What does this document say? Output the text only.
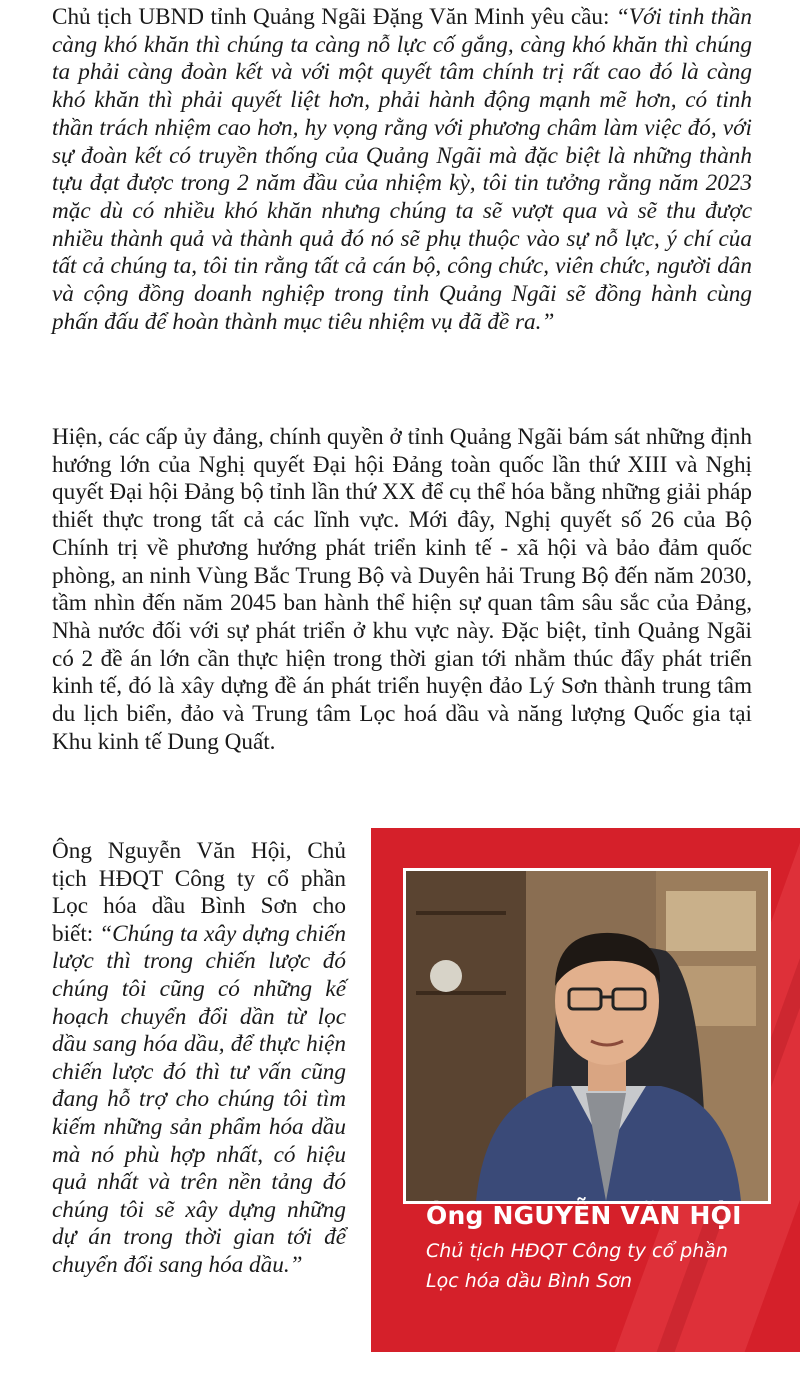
Chủ tịch UBND tỉnh Quảng Ngãi Đặng Văn Minh yêu cầu: “Với tinh thần càng khó khăn thì chúng ta càng nỗ lực cố gắng, càng khó khăn thì chúng ta phải càng đoàn kết và với một quyết tâm chính trị rất cao đó là càng khó khăn thì phải quyết liệt hơn, phải hành động mạnh mẽ hơn, có tinh thần trách nhiệm cao hơn, hy vọng rằng với phương châm làm việc đó, với sự đoàn kết có truyền thống của Quảng Ngãi mà đặc biệt là những thành tựu đạt được trong 2 năm đầu của nhiệm kỳ, tôi tin tưởng rằng năm 2023 mặc dù có nhiều khó khăn nhưng chúng ta sẽ vượt qua và sẽ thu được nhiều thành quả và thành quả đó nó sẽ phụ thuộc vào sự nỗ lực, ý chí của tất cả chúng ta, tôi tin rằng tất cả cán bộ, công chức, viên chức, người dân và cộng đồng doanh nghiệp trong tỉnh Quảng Ngãi sẽ đồng hành cùng phấn đấu để hoàn thành mục tiêu nhiệm vụ đã đề ra.”

Hiện, các cấp ủy đảng, chính quyền ở tỉnh Quảng Ngãi bám sát những định hướng lớn của Nghị quyết Đại hội Đảng toàn quốc lần thứ XIII và Nghị quyết Đại hội Đảng bộ tỉnh lần thứ XX để cụ thể hóa bằng những giải pháp thiết thực trong tất cả các lĩnh vực. Mới đây, Nghị quyết số 26 của Bộ Chính trị về phương hướng phát triển kinh tế - xã hội và bảo đảm quốc phòng, an ninh Vùng Bắc Trung Bộ và Duyên hải Trung Bộ đến năm 2030, tầm nhìn đến năm 2045 ban hành thể hiện sự quan tâm sâu sắc của Đảng, Nhà nước đối với sự phát triển ở khu vực này. Đặc biệt, tỉnh Quảng Ngãi có 2 đề án lớn cần thực hiện trong thời gian tới nhằm thúc đẩy phát triển kinh tế, đó là xây dựng đề án phát triển huyện đảo Lý Sơn thành trung tâm du lịch biển, đảo và Trung tâm Lọc hoá dầu và năng lượng Quốc gia tại Khu kinh tế Dung Quất.

Ông Nguyễn Văn Hội, Chủ tịch HĐQT Công ty cổ phần Lọc hóa dầu Bình Sơn cho biết: “Chúng ta xây dựng chiến lược thì trong chiến lược đó chúng tôi cũng có những kế hoạch chuyển đổi dần từ lọc dầu sang hóa dầu, để thực hiện chiến lược đó thì tư vấn cũng đang hỗ trợ cho chúng tôi tìm kiếm những sản phẩm hóa dầu mà nó phù hợp nhất, có hiệu quả nhất và trên nền tảng đó chúng tôi sẽ xây dựng những dự án trong thời gian tới để chuyển đổi sang hóa dầu.”

Ông NGUYỄN VĂN HỘI
Chủ tịch HĐQT Công ty cổ phần
Lọc hóa dầu Bình Sơn
